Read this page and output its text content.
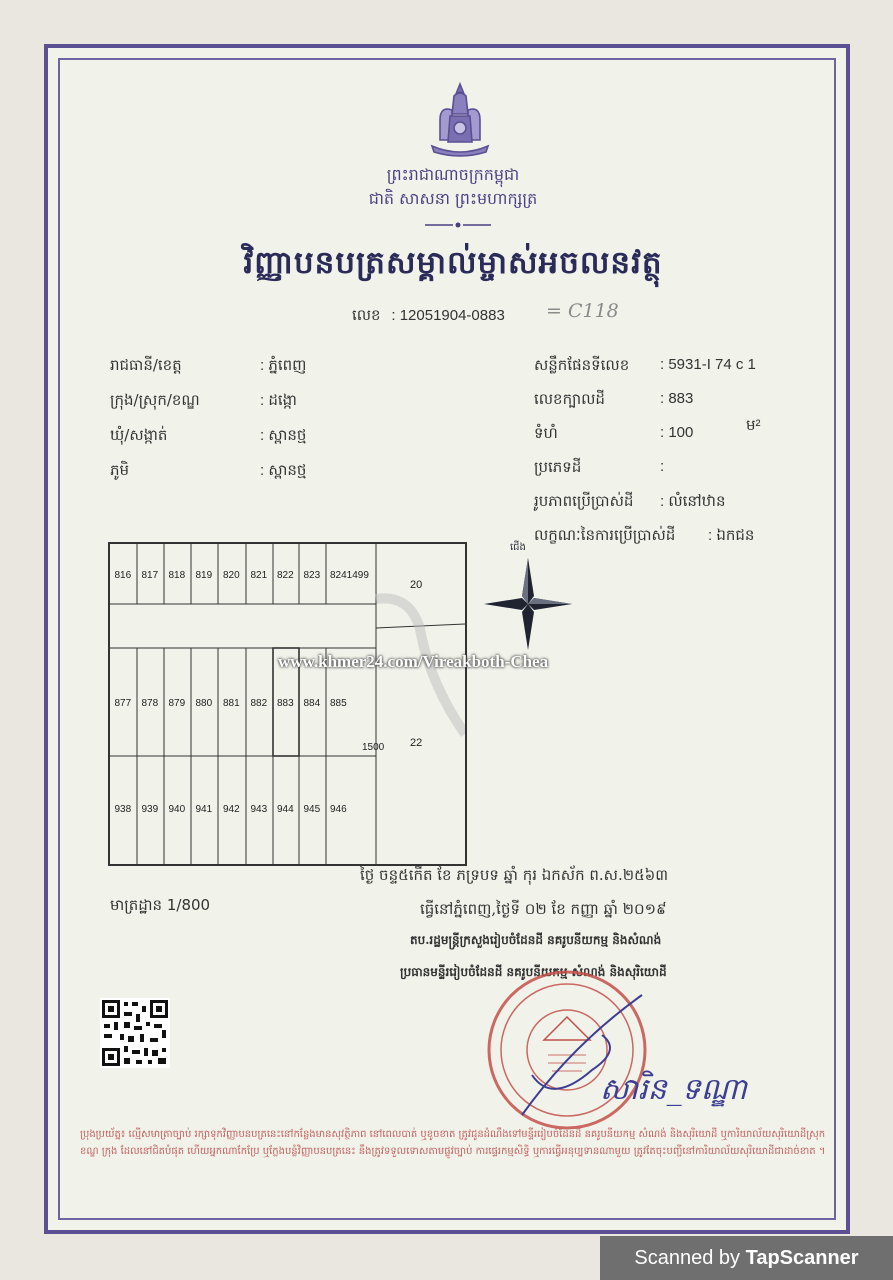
ព្រះរាជាណាចក្រកម្ពុជា
ជាតិ សាសនា ព្រះមហាក្សត្រ
វិញ្ញាបនបត្រសម្គាល់ម្ចាស់អចលនវត្ថុ
លេខ : 12051904-0883 = C118
រាជធានី/ខេត្ត	: ភ្នំពេញ
ក្រុង/ស្រុក/ខណ្ឌ	: ដង្កោ
ឃុំ/សង្កាត់	: ស្ពានថ្ម
ភូមិ	: ស្ពានថ្ម
សន្លឹកផែនទីលេខ : 5931-I 74 c 1
លេខក្បាលដី	: 883
ទំហំ	: 100	ម²
ប្រភេទដី	:
រូបភាពប្រើប្រាស់ដី : លំនៅឋាន
លក្ខណៈនៃការប្រើប្រាស់ដី : ឯកជន
816 817 818 819 820 821 822 823 8241499
877 878 879 880 881 882 883 884 885
938 939 940 941 942 943 944 945 946
20
22
1500
ជើង
www.khmer24.com/Vireakboth-Chea
មាត្រដ្ឋាន 1/800
ថ្ងៃ ចន្ទ៥កើត ខែ ភទ្របទ ឆ្នាំ កុរ ឯកស័ក ព.ស.២៥៦៣
ធ្វើនៅភ្នំពេញ,ថ្ងៃទី ០២ ខែ កញ្ញា ឆ្នាំ ២០១៩
តប.រដ្ឋមន្ត្រីក្រសួងរៀបចំដែនដី នគរូបនីយកម្ម និងសំណង់
ប្រធានមន្ទីររៀបចំដែនដី នគរូបនីយកម្ម សំណង់ និងសុរិយោដី
សារិន_ទណ្ឌា
ប្រុងប្រយ័ត្ន៖ ល្មើសមាត្រាច្បាប់ រក្សាទុកវិញ្ញាបនបត្រនេះនៅកន្លែងមានសុវត្ថិភាព នៅពេលបាត់ ឬខូចខាត ត្រូវជូនដំណឹងទៅមន្ទីររៀបចំដែនដី នគរូបនីយកម្ម សំណង់ និងសុរិយោដី ឬការិយាល័យសុរិយោដីស្រុក ខណ្ឌ ក្រុង ដែលនៅជិតបំផុត ហើយអ្នកណាកែប្រែ ឬក្លែងបន្លំវិញ្ញាបនបត្រនេះ នឹងត្រូវទទួលទោសតាមផ្លូវច្បាប់ ការផ្ទេរកម្មសិទ្ធិ ឬការធ្វើអនុប្បទានណាមួយ ត្រូវតែចុះបញ្ជីនៅការិយាល័យសុរិយោដីជាដាច់ខាត ។
Scanned by TapScanner
